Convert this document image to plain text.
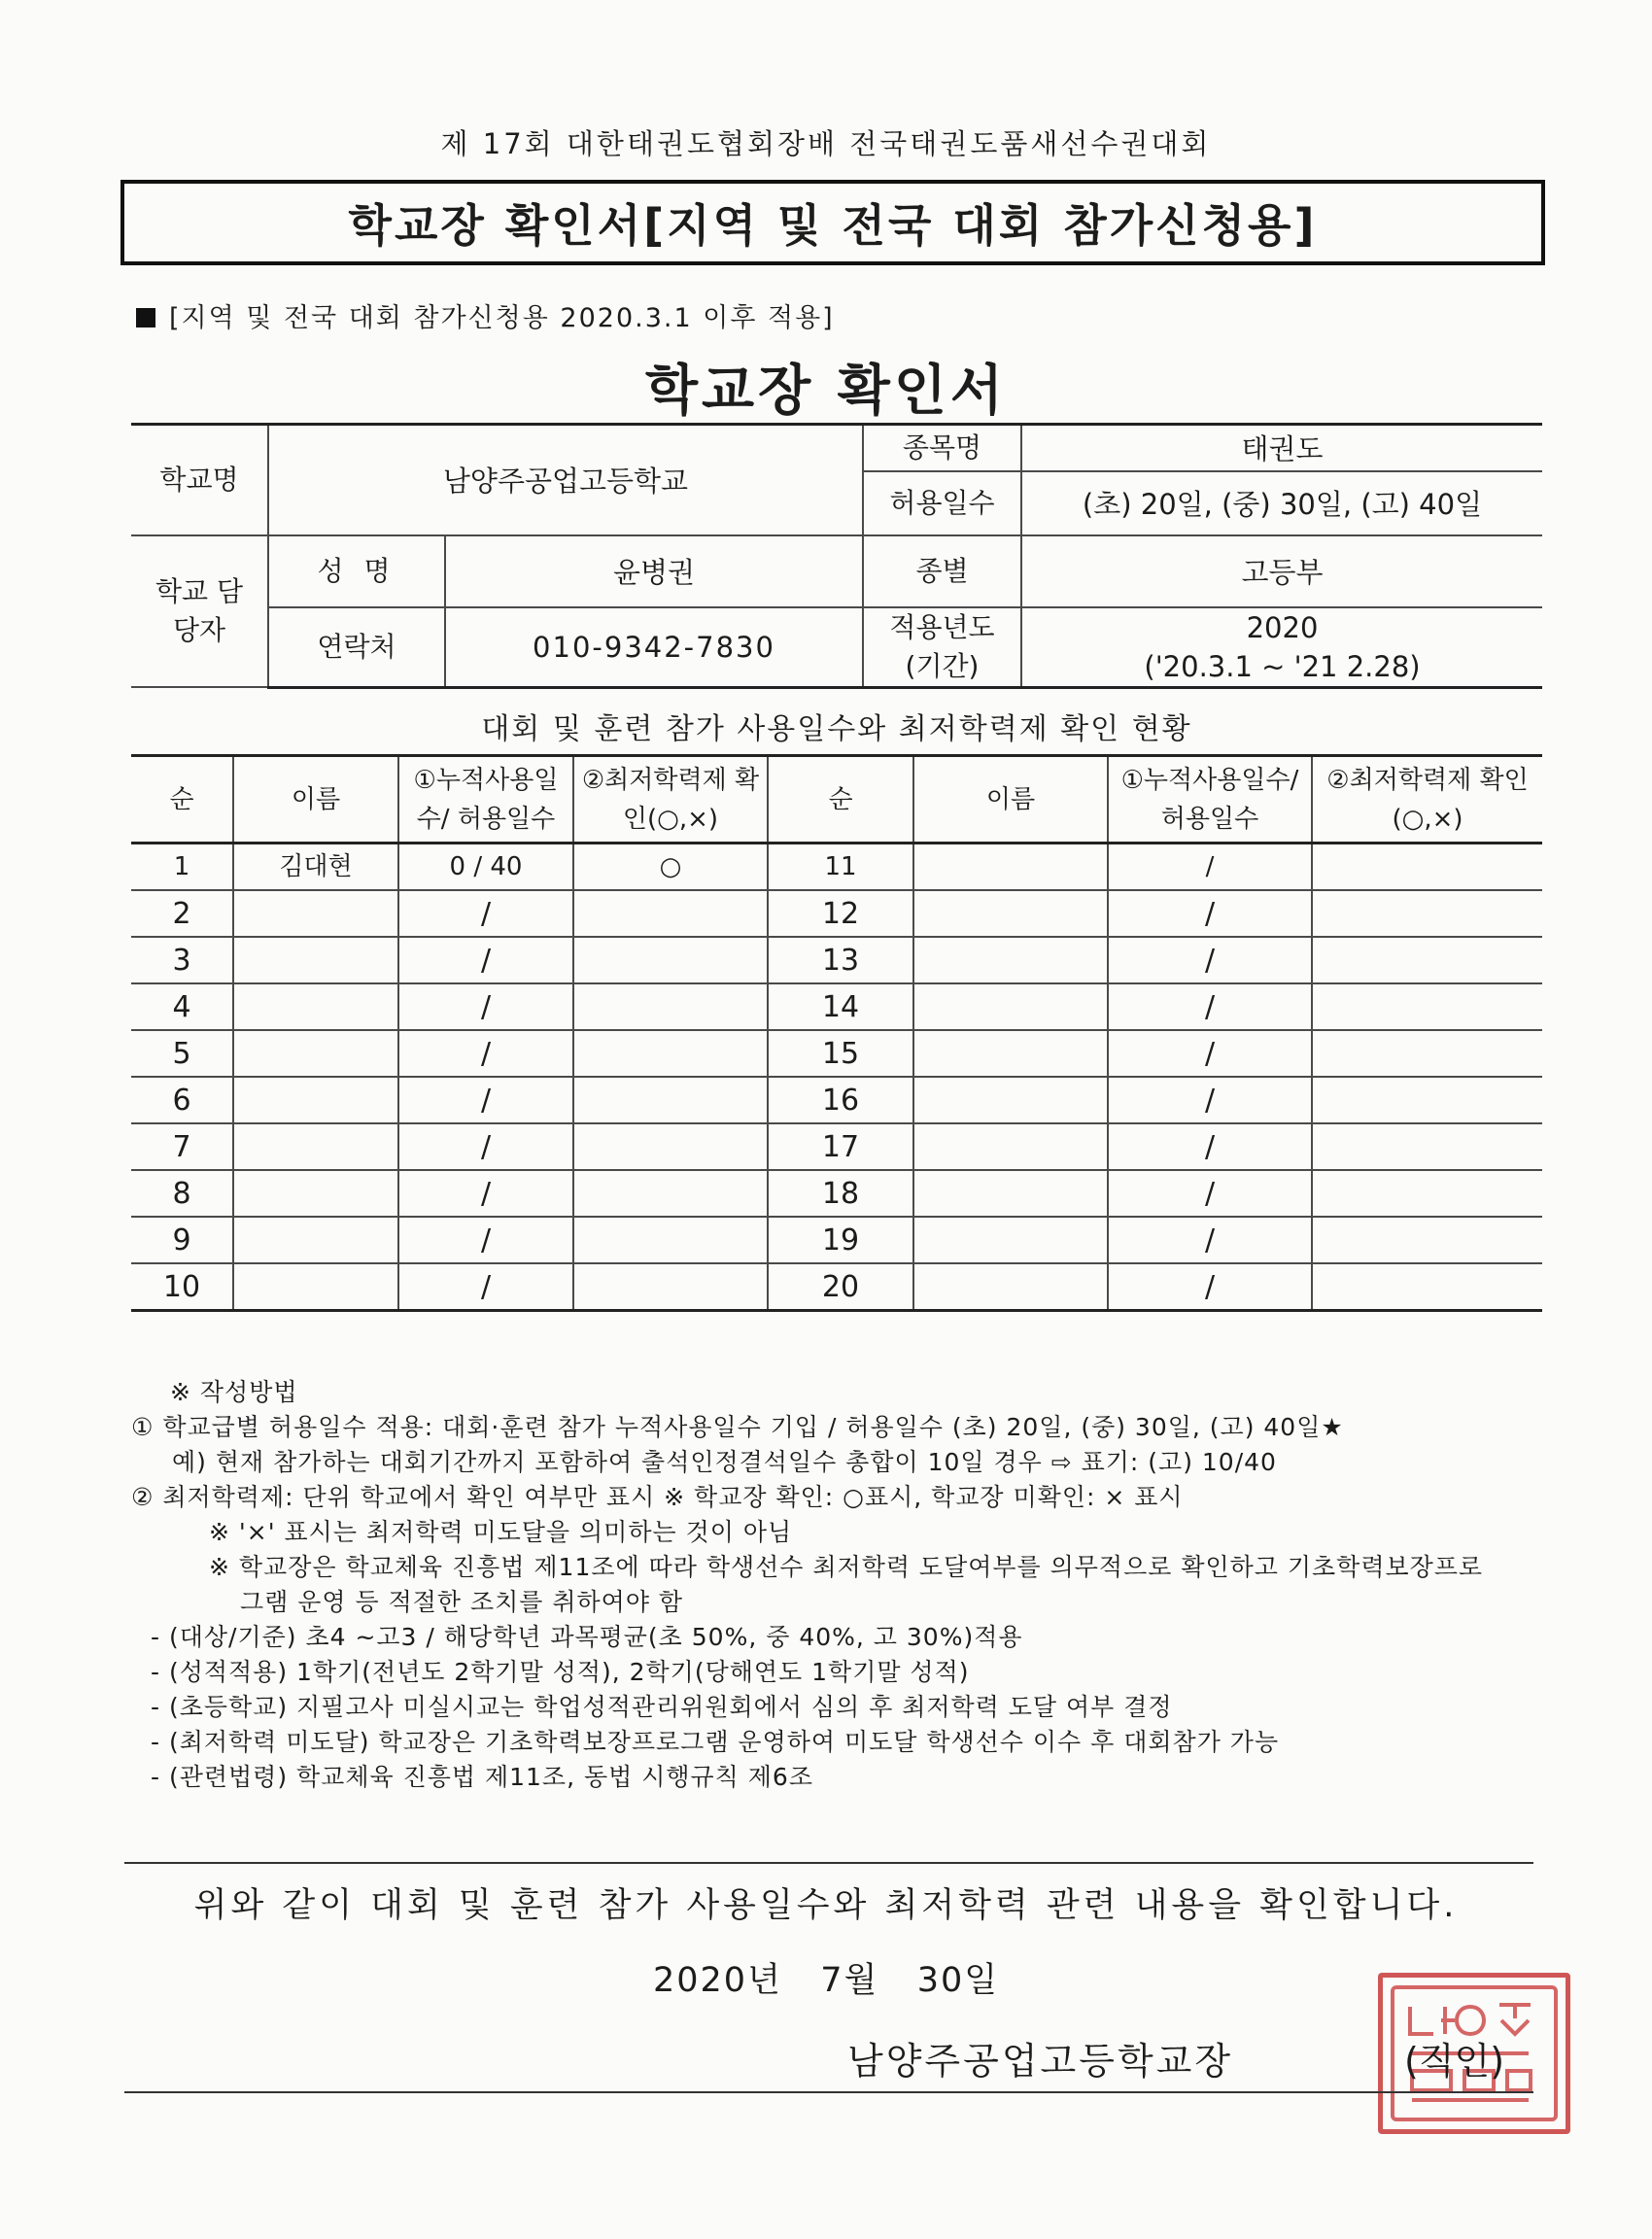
제 17회 대한태권도협회장배 전국태권도품새선수권대회
학교장 확인서[지역 및 전국 대회 참가신청용]
[지역 및 전국 대회 참가신청용 2020.3.1 이후 적용]
학교장 확인서
학교명	남양주공업고등학교		종목명	태권도
			허용일수	(초) 20일, (중) 30일, (고) 40일
학교 담당자	성 명	윤병권	종별	고등부
	연락처	010-9342-7830	적용년도 (기간)	2020
('20.3.1 ~ '21 2.28)
대회 및 훈련 참가 사용일수와 최저학력제 확인 현황
순	이름	①누적사용일수/ 허용일수	②최저학력제 확인(○,×)	순	이름	①누적사용일수/ 허용일수	②최저학력제 확인(○,×)
1	김대현	0 / 40	○	11		/	
2		/		12		/	
3		/		13		/	
4		/		14		/	
5		/		15		/	
6		/		16		/	
7		/		17		/	
8		/		18		/	
9		/		19		/	
10		/		20		/	
※ 작성방법
① 학교급별 허용일수 적용: 대회·훈련 참가 누적사용일수 기입 / 허용일수 (초) 20일, (중) 30일, (고) 40일★
예) 현재 참가하는 대회기간까지 포함하여 출석인정결석일수 총합이 10일 경우 ⇨ 표기: (고) 10/40
② 최저학력제: 단위 학교에서 확인 여부만 표시 ※ 학교장 확인: ○표시, 학교장 미확인: × 표시
※ '×' 표시는 최저학력 미도달을 의미하는 것이 아님
※ 학교장은 학교체육 진흥법 제11조에 따라 학생선수 최저학력 도달여부를 의무적으로 확인하고 기초학력보장프로
그램 운영 등 적절한 조치를 취하여야 함
- (대상/기준) 초4 ~고3 / 해당학년 과목평균(초 50%, 중 40%, 고 30%)적용
- (성적적용) 1학기(전년도 2학기말 성적), 2학기(당해연도 1학기말 성적)
- (초등학교) 지필고사 미실시교는 학업성적관리위원회에서 심의 후 최저학력 도달 여부 결정
- (최저학력 미도달) 학교장은 기초학력보장프로그램 운영하여 미도달 학생선수 이수 후 대회참가 가능
- (관련법령) 학교체육 진흥법 제11조, 동법 시행규칙 제6조
위와 같이 대회 및 훈련 참가 사용일수와 최저학력 관련 내용을 확인합니다.
2020년   7월   30일
남양주공업고등학교장	(직인)
